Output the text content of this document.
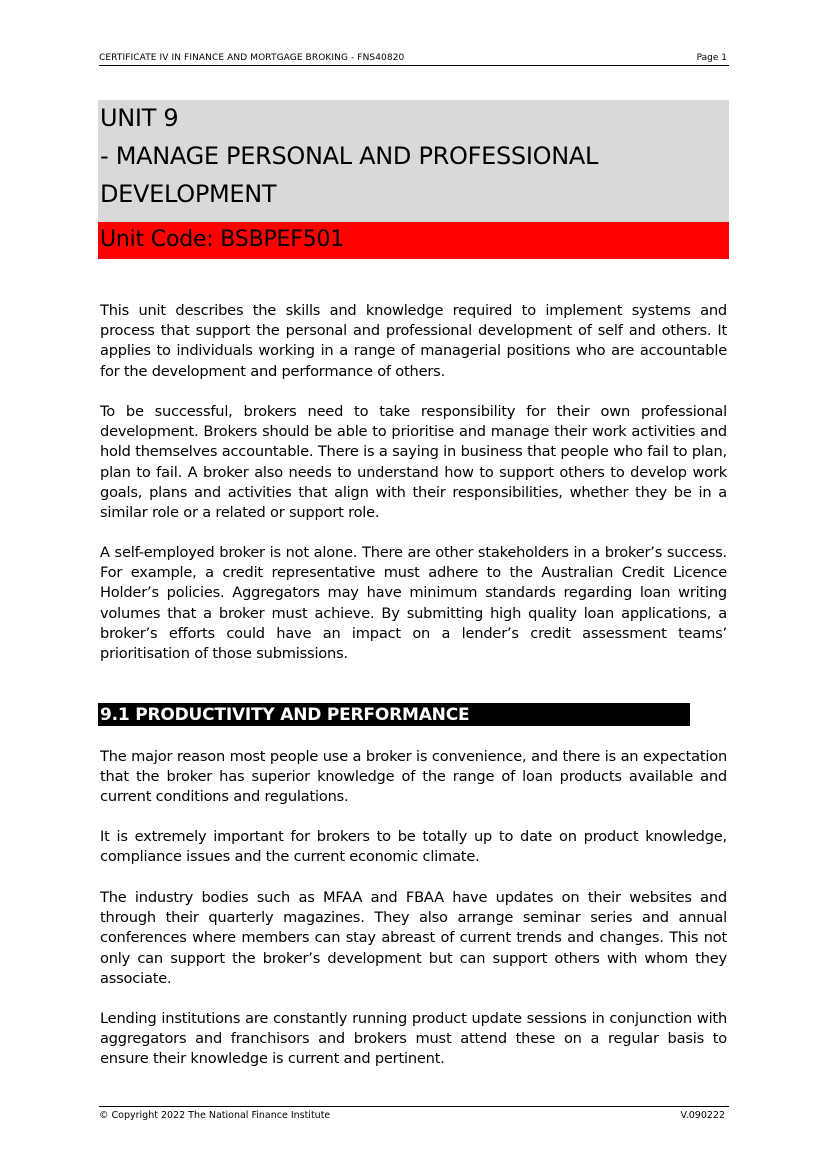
CERTIFICATE IV IN FINANCE AND MORTGAGE BROKING - FNS40820	Page 1
UNIT 9
- MANAGE PERSONAL AND PROFESSIONAL
DEVELOPMENT
Unit Code: BSBPEF501

This unit describes the skills and knowledge required to implement systems and process that support the personal and professional development of self and others. It applies to individuals working in a range of managerial positions who are accountable for the development and performance of others.

To be successful, brokers need to take responsibility for their own professional development. Brokers should be able to prioritise and manage their work activities and hold themselves accountable. There is a saying in business that people who fail to plan, plan to fail. A broker also needs to understand how to support others to develop work goals, plans and activities that align with their responsibilities, whether they be in a similar role or a related or support role.

A self-employed broker is not alone. There are other stakeholders in a broker’s success. For example, a credit representative must adhere to the Australian Credit Licence Holder’s policies. Aggregators may have minimum standards regarding loan writing volumes that a broker must achieve. By submitting high quality loan applications, a broker’s efforts could have an impact on a lender’s credit assessment teams’ prioritisation of those submissions.

9.1 PRODUCTIVITY AND PERFORMANCE

The major reason most people use a broker is convenience, and there is an expectation that the broker has superior knowledge of the range of loan products available and current conditions and regulations.

It is extremely important for brokers to be totally up to date on product knowledge, compliance issues and the current economic climate.

The industry bodies such as MFAA and FBAA have updates on their websites and through their quarterly magazines. They also arrange seminar series and annual conferences where members can stay abreast of current trends and changes. This not only can support the broker’s development but can support others with whom they associate.

Lending institutions are constantly running product update sessions in conjunction with aggregators and franchisors and brokers must attend these on a regular basis to ensure their knowledge is current and pertinent.

© Copyright 2022 The National Finance Institute	V.090222
